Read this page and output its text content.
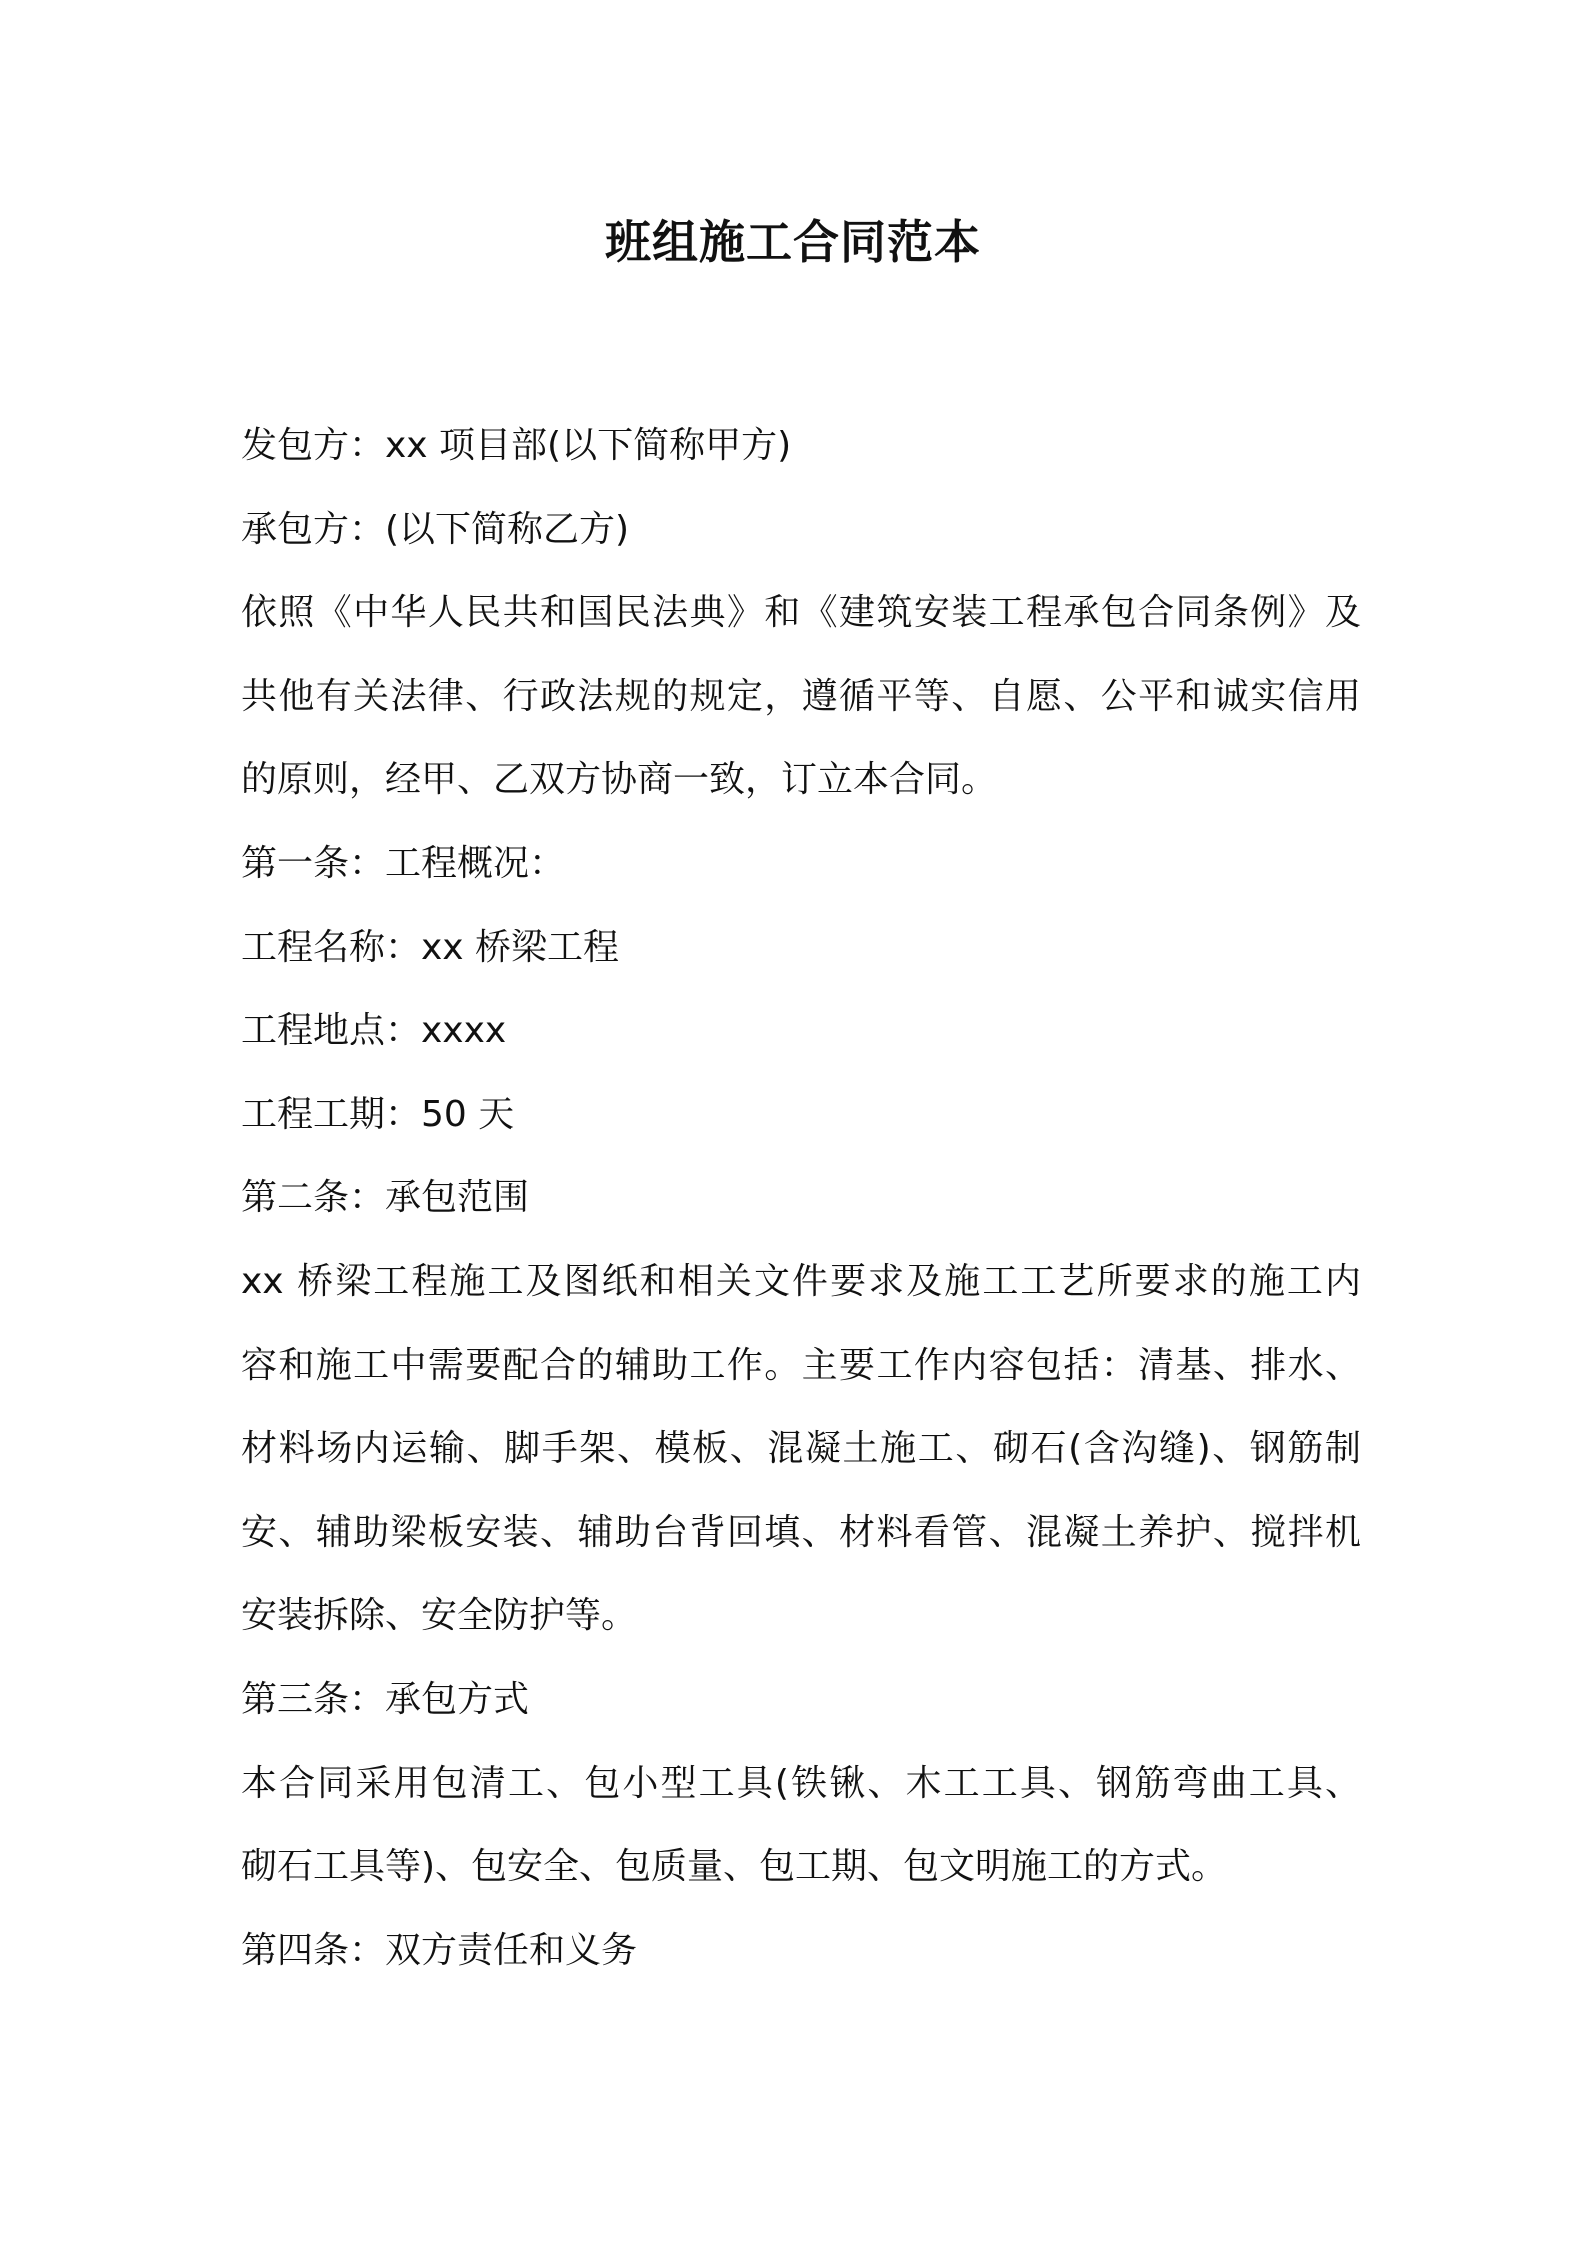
班组施工合同范本
发包方：xx 项目部(以下简称甲方)
承包方：(以下简称乙方)
依照《中华人民共和国民法典》和《建筑安装工程承包合同条例》及
共他有关法律、行政法规的规定，遵循平等、自愿、公平和诚实信用
的原则，经甲、乙双方协商一致，订立本合同。
第一条：工程概况：
工程名称：xx 桥梁工程
工程地点：xxxx
工程工期：50 天
第二条：承包范围
xx 桥梁工程施工及图纸和相关文件要求及施工工艺所要求的施工内
容和施工中需要配合的辅助工作。主要工作内容包括：清基、排水、
材料场内运输、脚手架、模板、混凝土施工、砌石(含沟缝)、钢筋制
安、辅助梁板安装、辅助台背回填、材料看管、混凝土养护、搅拌机
安装拆除、安全防护等。
第三条：承包方式
本合同采用包清工、包小型工具(铁锹、木工工具、钢筋弯曲工具、
砌石工具等)、包安全、包质量、包工期、包文明施工的方式。
第四条：双方责任和义务
